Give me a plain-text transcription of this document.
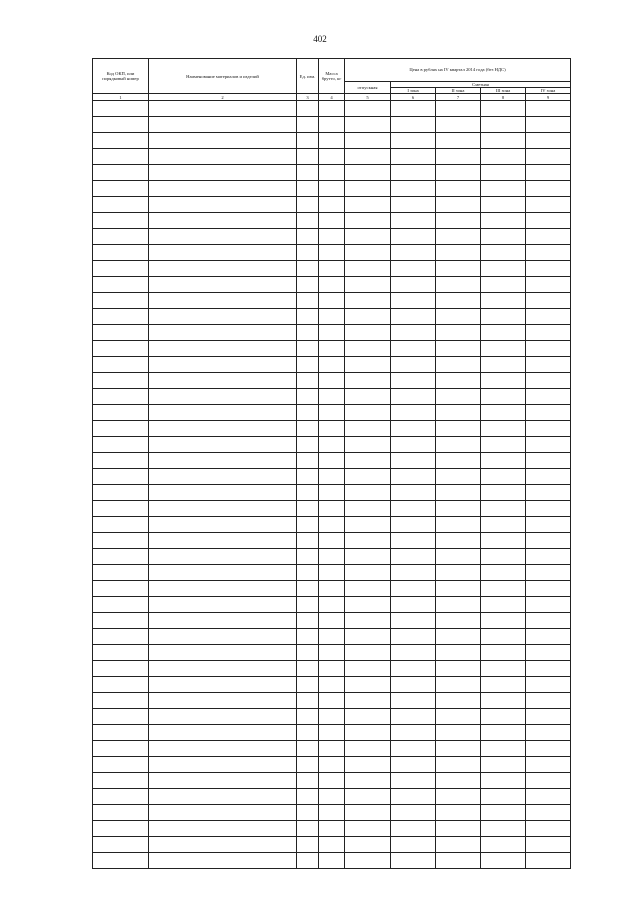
402
Код ОКП, или порядковый номер	Наименование материалов и изделий	Ед. изм.	Масса брутто, кг	Цена в рублях на IV квартал 2014 года (без НДС)				
				отпускная	Сметная			
					I зона	II зона	III зона	IV зона
1	2	3	4	5	6	7	8	9
